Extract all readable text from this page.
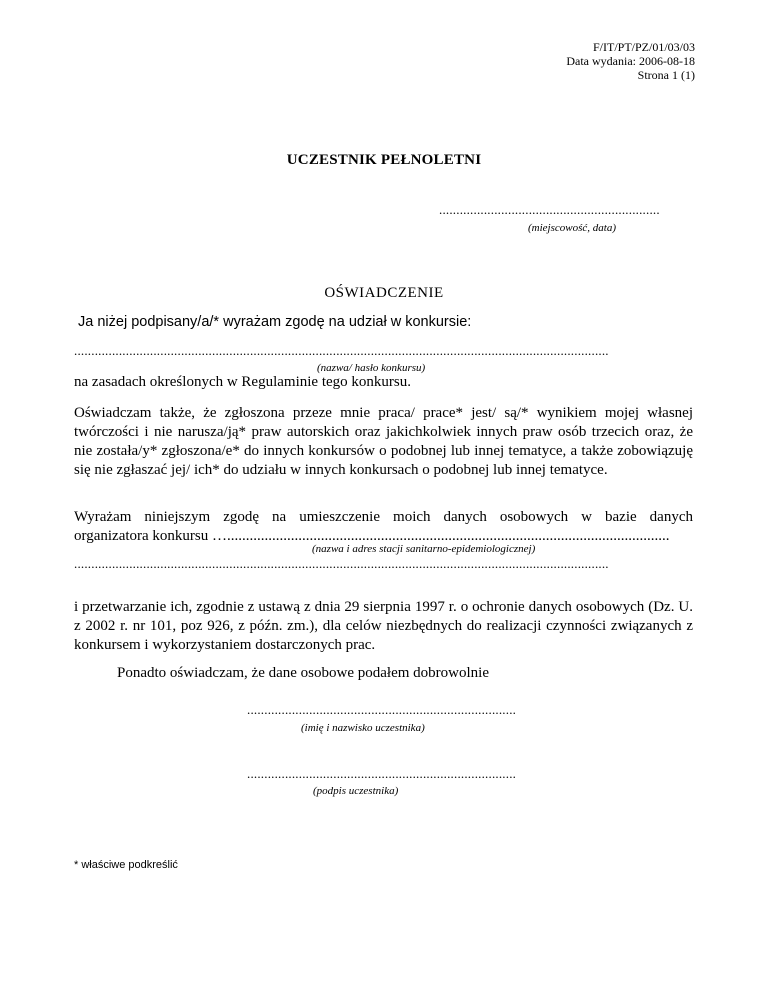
F/IT/PT/PZ/01/03/03
Data wydania: 2006-08-18
Strona 1 (1)
UCZESTNIK PEŁNOLETNI
................................................................
(miejscowość, data)
OŚWIADCZENIE
Ja niżej podpisany/a/* wyrażam zgodę na udział w konkursie:
...........................................................................................................................................................
(nazwa/ hasło konkursu)
na zasadach określonych w Regulaminie tego konkursu.
Oświadczam także, że zgłoszona przeze mnie praca/ prace* jest/ są/* wynikiem mojej własnej twórczości i nie narusza/ją* praw autorskich oraz jakichkolwiek innych praw osób trzecich oraz, że nie została/y* zgłoszona/e* do innych konkursów o podobnej lub innej tematyce, a także zobowiązuję się nie zgłaszać jej/ ich* do udziału w innych konkursach o podobnej lub innej tematyce.
Wyrażam niniejszym zgodę na umieszczenie moich danych osobowych w bazie danych
organizatora konkursu …......................................................................................................................
(nazwa i adres stacji sanitarno-epidemiologicznej)
...........................................................................................................................................................
i przetwarzanie ich, zgodnie z ustawą z dnia 29 sierpnia 1997 r. o ochronie danych osobowych (Dz. U. z 2002 r. nr 101, poz 926, z późn. zm.), dla celów niezbędnych do realizacji czynności związanych z konkursem i wykorzystaniem dostarczonych prac.
Ponadto oświadczam, że dane osobowe podałem dobrowolnie
..............................................................................
(imię i nazwisko uczestnika)
..............................................................................
(podpis uczestnika)
* właściwe podkreślić
